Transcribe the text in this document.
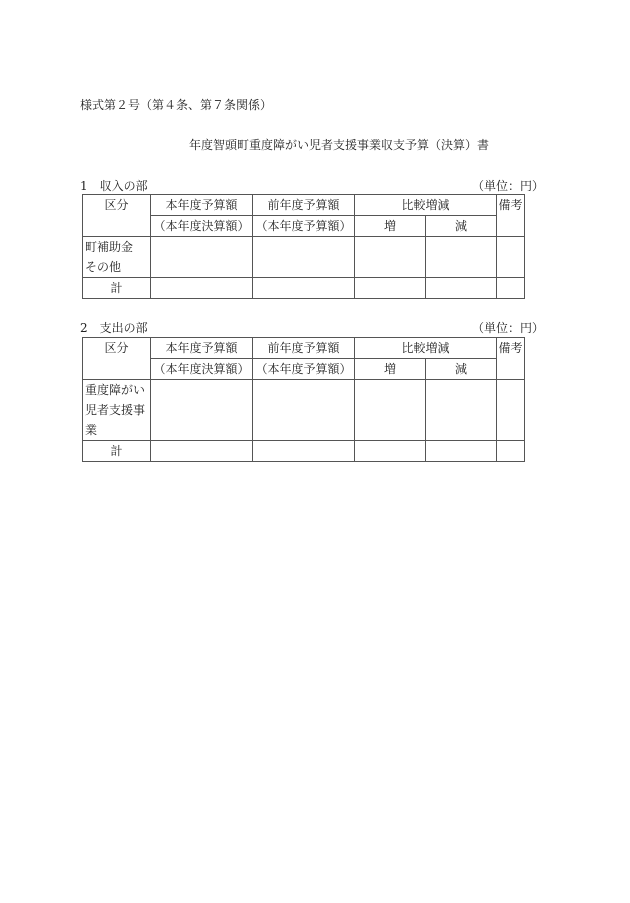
様式第２号（第４条、第７条関係）
年度智頭町重度障がい児者支援事業収支予算（決算）書
1　収入の部	（単位：円）
区分	本年度予算額	前年度予算額	比較増減		備考
	（本年度決算額）	（本年度予算額）	増	減	

町補助金
その他					

計					
2　支出の部	（単位：円）
区分	本年度予算額	前年度予算額	比較増減		備考
	（本年度決算額）	（本年度予算額）	増	減	

重度障がい
児者支援事
業					

計					
